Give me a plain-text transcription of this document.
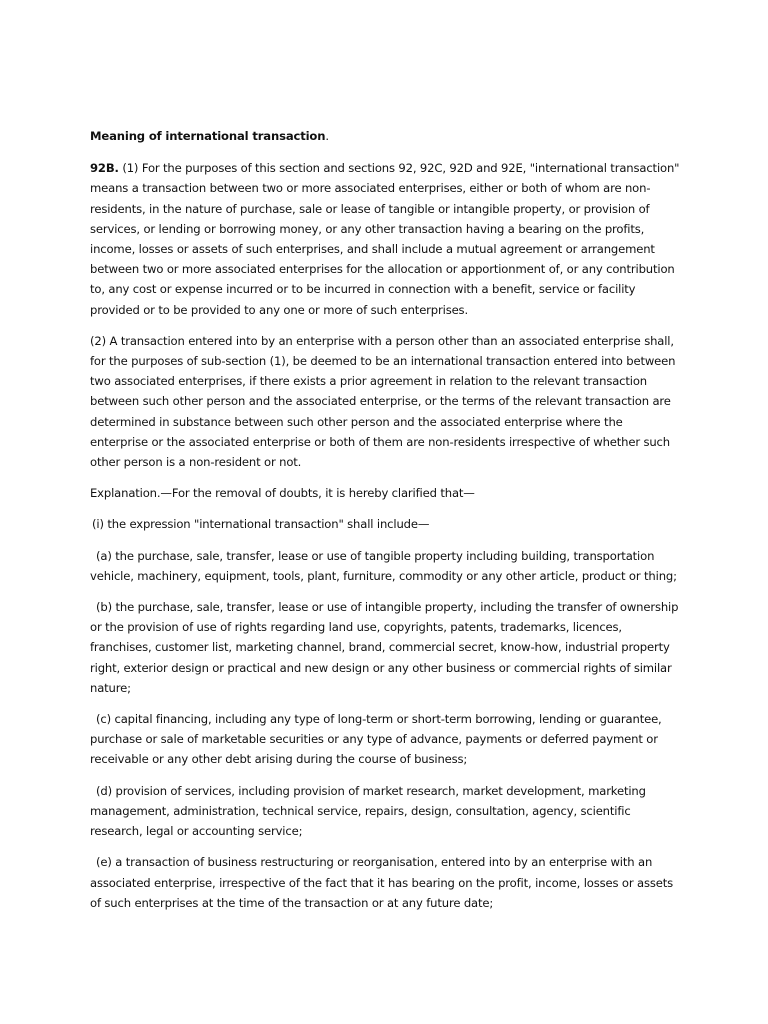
Meaning of international transaction.

92B. (1) For the purposes of this section and sections 92, 92C, 92D and 92E, "international transaction" means a transaction between two or more associated enterprises, either or both of whom are non-residents, in the nature of purchase, sale or lease of tangible or intangible property, or provision of services, or lending or borrowing money, or any other transaction having a bearing on the profits, income, losses or assets of such enterprises, and shall include a mutual agreement or arrangement between two or more associated enterprises for the allocation or apportionment of, or any contribution to, any cost or expense incurred or to be incurred in connection with a benefit, service or facility provided or to be provided to any one or more of such enterprises.

(2) A transaction entered into by an enterprise with a person other than an associated enterprise shall, for the purposes of sub-section (1), be deemed to be an international transaction entered into between two associated enterprises, if there exists a prior agreement in relation to the relevant transaction between such other person and the associated enterprise, or the terms of the relevant transaction are determined in substance between such other person and the associated enterprise where the enterprise or the associated enterprise or both of them are non-residents irrespective of whether such other person is a non-resident or not.

Explanation.—For the removal of doubts, it is hereby clarified that—

(i) the expression "international transaction" shall include—

(a) the purchase, sale, transfer, lease or use of tangible property including building, transportation vehicle, machinery, equipment, tools, plant, furniture, commodity or any other article, product or thing;

(b) the purchase, sale, transfer, lease or use of intangible property, including the transfer of ownership or the provision of use of rights regarding land use, copyrights, patents, trademarks, licences, franchises, customer list, marketing channel, brand, commercial secret, know-how, industrial property right, exterior design or practical and new design or any other business or commercial rights of similar nature;

(c) capital financing, including any type of long-term or short-term borrowing, lending or guarantee, purchase or sale of marketable securities or any type of advance, payments or deferred payment or receivable or any other debt arising during the course of business;

(d) provision of services, including provision of market research, market development, marketing management, administration, technical service, repairs, design, consultation, agency, scientific research, legal or accounting service;

(e) a transaction of business restructuring or reorganisation, entered into by an enterprise with an associated enterprise, irrespective of the fact that it has bearing on the profit, income, losses or assets of such enterprises at the time of the transaction or at any future date;
